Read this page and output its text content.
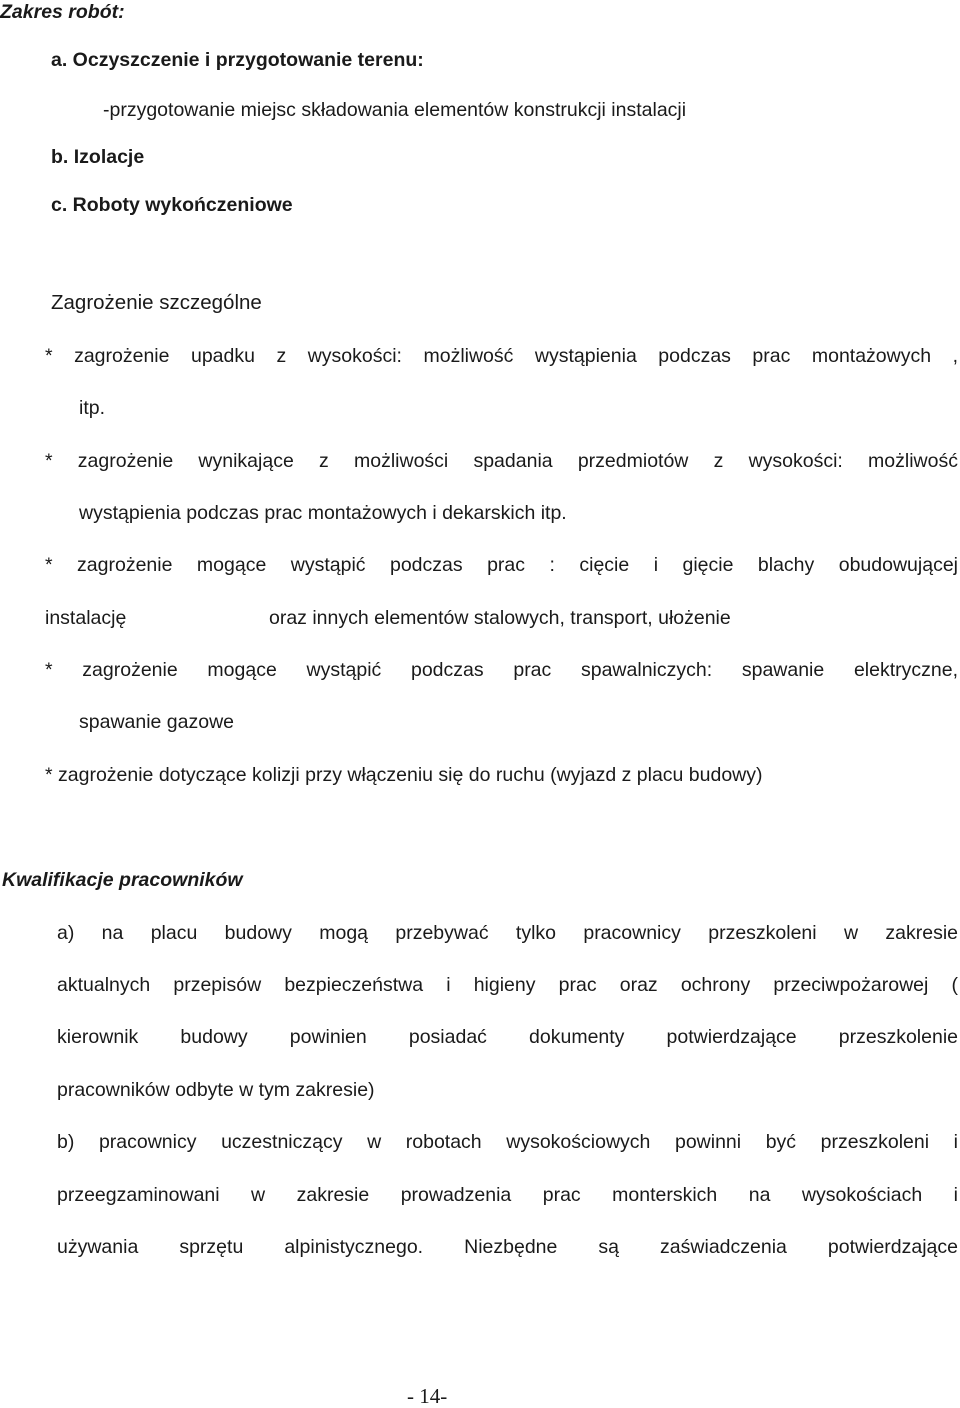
Zakres robót:
a. Oczyszczenie i przygotowanie terenu:
-przygotowanie miejsc składowania elementów konstrukcji instalacji
b. Izolacje
c. Roboty wykończeniowe
Zagrożenie szczególne
* zagrożenie upadku z wysokości: możliwość wystąpienia podczas prac montażowych ,
itp.
* zagrożenie wynikające z możliwości spadania przedmiotów z wysokości: możliwość
wystąpienia podczas prac montażowych i dekarskich itp.
* zagrożenie mogące wystąpić podczas prac : cięcie i gięcie blachy obudowującej
instalację	oraz innych elementów stalowych, transport, ułożenie
* zagrożenie mogące wystąpić podczas prac spawalniczych: spawanie elektryczne,
spawanie gazowe
* zagrożenie dotyczące kolizji przy włączeniu się do ruchu (wyjazd z placu budowy)
Kwalifikacje pracowników
a) na placu budowy mogą przebywać tylko pracownicy przeszkoleni w zakresie
aktualnych przepisów bezpieczeństwa i higieny prac oraz ochrony przeciwpożarowej (
kierownik budowy powinien posiadać dokumenty potwierdzające przeszkolenie
pracowników odbyte w tym zakresie)
b) pracownicy uczestniczący w robotach wysokościowych powinni być przeszkoleni i
przeegzaminowani w zakresie prowadzenia prac monterskich na wysokościach i
używania sprzętu alpinistycznego. Niezbędne są zaświadczenia potwierdzające
- 14-
